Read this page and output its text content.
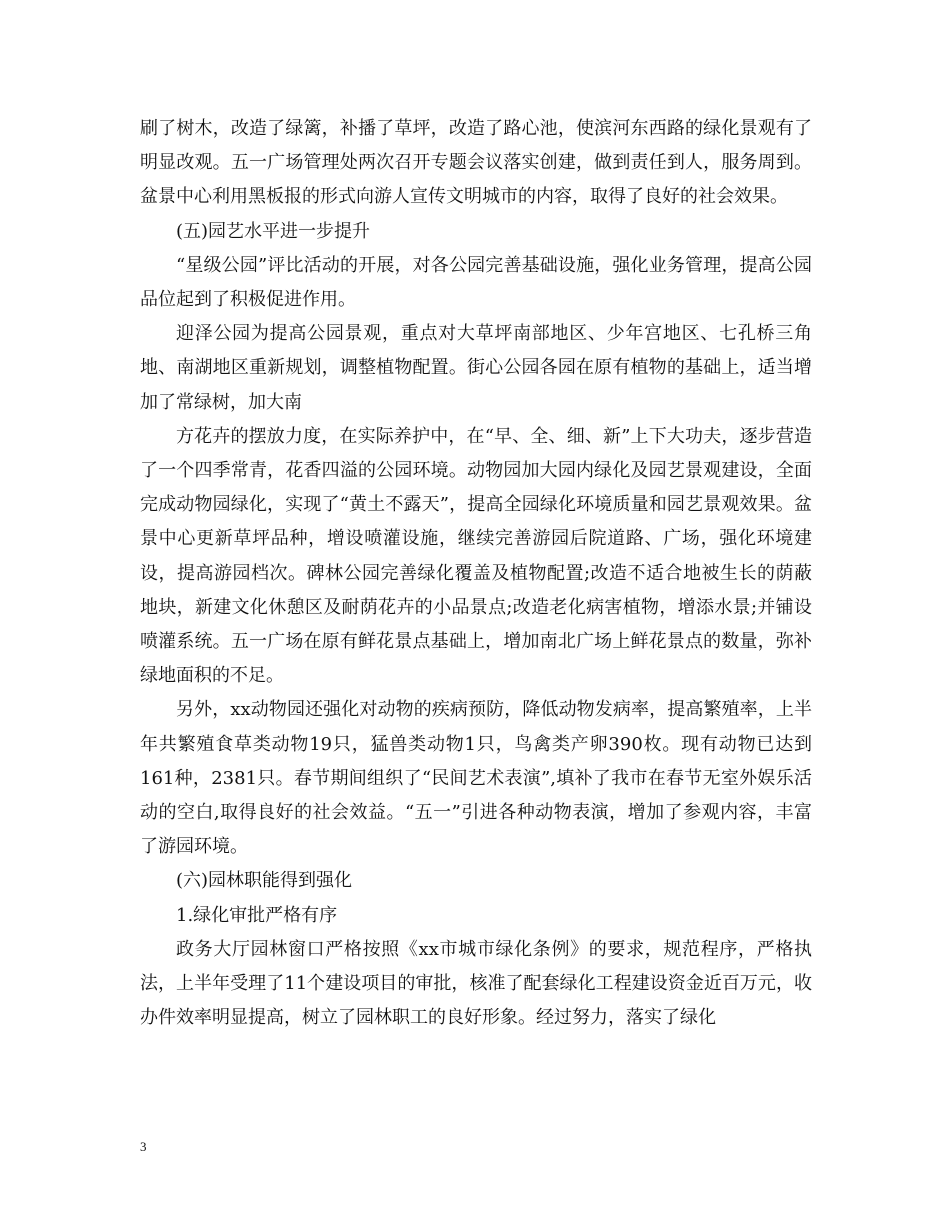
刷了树木，改造了绿篱，补播了草坪，改造了路心池，使滨河东西路的绿化景观有了明显改观。五一广场管理处两次召开专题会议落实创建，做到责任到人，服务周到。盆景中心利用黑板报的形式向游人宣传文明城市的内容，取得了良好的社会效果。

(五)园艺水平进一步提升

“星级公园”评比活动的开展，对各公园完善基础设施，强化业务管理，提高公园品位起到了积极促进作用。

迎泽公园为提高公园景观，重点对大草坪南部地区、少年宫地区、七孔桥三角地、南湖地区重新规划，调整植物配置。街心公园各园在原有植物的基础上，适当增加了常绿树，加大南

方花卉的摆放力度，在实际养护中，在“早、全、细、新”上下大功夫，逐步营造了一个四季常青，花香四溢的公园环境。动物园加大园内绿化及园艺景观建设，全面完成动物园绿化，实现了“黄土不露天”，提高全园绿化环境质量和园艺景观效果。盆景中心更新草坪品种，增设喷灌设施，继续完善游园后院道路、广场，强化环境建设，提高游园档次。碑林公园完善绿化覆盖及植物配置;改造不适合地被生长的荫蔽地块，新建文化休憩区及耐荫花卉的小品景点;改造老化病害植物，增添水景;并铺设喷灌系统。五一广场在原有鲜花景点基础上，增加南北广场上鲜花景点的数量，弥补绿地面积的不足。

另外，xx动物园还强化对动物的疾病预防，降低动物发病率，提高繁殖率，上半年共繁殖食草类动物19只，猛兽类动物1只，鸟禽类产卵390枚。现有动物已达到161种，2381只。春节期间组织了“民间艺术表演”,填补了我市在春节无室外娱乐活动的空白,取得良好的社会效益。“五一”引进各种动物表演，增加了参观内容，丰富了游园环境。

(六)园林职能得到强化

1.绿化审批严格有序

政务大厅园林窗口严格按照《xx市城市绿化条例》的要求，规范程序，严格执法，上半年受理了11个建设项目的审批，核准了配套绿化工程建设资金近百万元，收办件效率明显提高，树立了园林职工的良好形象。经过努力，落实了绿化

3
